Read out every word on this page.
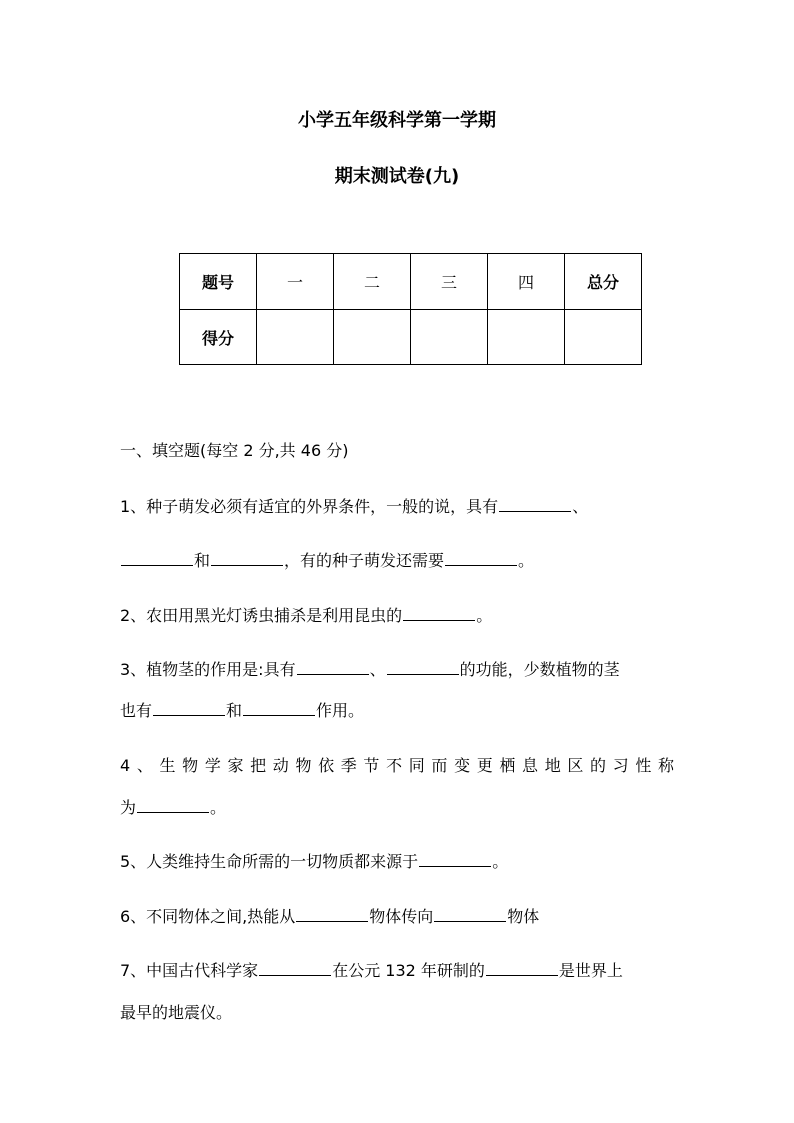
小学五年级科学第一学期
期末测试卷(九)
题号	一	二	三	四	总分
得分					
一、填空题(每空 2 分,共 46 分)
1、种子萌发必须有适宜的外界条件，一般的说，具有	、
和	，有的种子萌发还需要	。
2、农田用黑光灯诱虫捕杀是利用昆虫的	。
3、植物茎的作用是:具有	、	的功能，少数植物的茎
也有	和	作用。
4、生物学家把动物依季节不同而变更栖息地区的习性称
为	。
5、人类维持生命所需的一切物质都来源于	。
6、不同物体之间,热能从	物体传向	物体
7、中国古代科学家	在公元 132 年研制的	是世界上
最早的地震仪。
